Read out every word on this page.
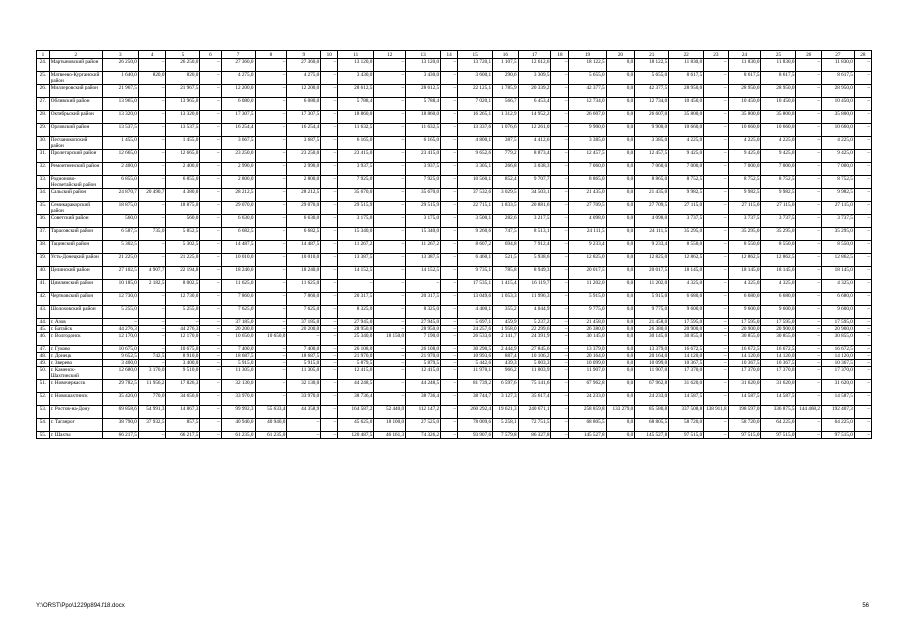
1	2	3	4	5	6	7	8	9	10	11	12	13	14	15	16	17	18	19	20	21	22	23	24	25	26	27	28
24.	Мартыновский район	26 250,0	–	26 250,0	–	27 360,0	–	27 360,0	–	13 120,0	–	13 120,0	–	13 720,1	1 107,5	12 612,6	–	18 122,5	0,0	18 122,5	11 830,0	–	11 830,0	11 830,0	–	11 830,0	–
25.	Матвеево-Курганский район	1 640,0	820,0	820,0	–	4 275,0	–	4 275,0	–	3 430,0	–	3 430,0	–	3 600,1	290,6	3 309,5	–	5 655,0	0,0	5 655,0	8 617,5	–	8 617,5	8 617,5	–	8 617,5	–
26.	Миллеровский район	21 967,5	–	21 967,5	–	12 200,0	–	12 200,0	–	28 612,5	–	28 612,5	–	22 125,1	1 785,9	20 339,2	–	42 377,5	0,0	42 377,5	28 950,0	–	28 950,0	28 950,0	–	28 950,0	–
27.	Обливский район	13 965,0	–	13 965,0	–	6 080,0	–	6 080,0	–	5 788,4	–	5 788,4	–	7 020,1	566,7	6 453,4	–	12 734,0	0,0	12 734,0	10 450,0	–	10 450,0	10 450,0	–	10 450,0	–
28.	Октябрьский район	13 320,0	–	13 320,0	–	17 307,5	–	17 307,5	–	18 860,0	–	18 860,0	–	16 265,1	1 312,9	14 952,2	–	26 607,0	0,0	26 607,0	35 800,0	–	35 800,0	35 800,0	–	35 800,0	–
29.	Орловский район	13 537,5	–	13 537,5	–	16 254,4	–	16 254,4	–	11 632,5	–	11 632,5	–	13 337,6	1 076,6	12 261,0	–	9 900,0	0,0	9 900,0	10 660,0	–	10 660,0	10 660,0	–	10 660,0	–
30.	Песчанокопский район	1 455,0	–	1 455,0	–	3 667,5	–	3 687,5	–	6 165,0	–	6 165,0	–	4 800,1	387,5	4 412,6	–	3 385,0	0,0	3 385,0	4 225,0	–	4 225,0	4 225,0	–	4 225,0	–
31.	Пролетарский район	12 665,0	–	12 665,0	–	23 250,0	–	23 250,0	–	23 415,0	–	23 415,0	–	9 652,6	779,2	8 873,4	–	12 457,5	0,0	12 457,5	9 425,0	–	9 425,0	9 425,0	–	9 425,0	–
32.	Ремонтненский район	2 400,0	–	2 400,0	–	2 990,0	–	2 990,0	–	3 937,5	–	3 937,5	–	3 305,1	266,8	3 038,3	–	7 060,0	0,0	7 060,0	7 000,0	–	7 000,0	7 000,0	–	7 000,0	–
33.	Родионово-Несветайский район	6 855,0	–	6 855,0	–	2 800,0	–	2 800,0	–	7 925,0	–	7 925,0	–	10 560,1	852,4	9 707,7	–	8 865,0	0,0	8 865,0	8 752,5	–	8 752,5	8 752,5	–	8 752,5	–
34.	Сальский район	24 870,7	20 490,7	4 380,0	–	28 212,5	–	28 212,5	–	35 670,0	–	35 670,0	–	37 532,6	3 029,5	34 503,1	–	21 435,0	0,0	21 435,0	9 982,5	–	9 982,5	9 982,5	–	9 982,5	–
35.	Семикаракорский район	18 875,0	–	18 875,0	–	29 070,0	–	29 070,0	–	29 515,9	–	29 515,9	–	22 715,1	1 833,5	20 881,6	–	27 709,5	0,0	27 709,5	27 115,0	–	27 115,0	27 115,0	–	27 115,0	–
36.	Советский район	560,0	–	560,0	–	6 630,0	–	6 630,0	–	3 175,0	–	3 175,0	–	3 500,1	282,6	3 217,5	–	4 098,0	0,0	4 098,0	3 737,5	–	3 737,5	3 737,5	–	3 737,5	–
37.	Тарасовский район	6 587,5	735,0	5 852,5	–	6 682,5	–	6 682,5	–	15 340,0	–	15 340,0	–	9 260,6	747,5	8 513,1	–	24 111,5	0,0	24 111,5	35 295,0	–	35 295,0	35 295,0	–	35 295,0	–
38.	Тацинский район	5 302,5	–	5 302,5	–	14 487,5	–	14 487,5	–	11 267,2	–	11 267,2	–	8 607,2	694,8	7 912,4	–	9 233,4	0,0	9 233,4	8 550,0	–	8 550,0	8 550,0	–	8 550,0	–
39.	Усть-Донецкий район	21 225,0	–	21 225,0	–	10 010,0	–	10 010,0	–	13 387,5	–	13 387,5	–	6 460,1	521,5	5 938,6	–	12 825,0	0,0	12 825,0	12 862,5	–	12 862,5	12 862,5	–	12 862,5	–
40.	Целинский район	27 102,5	4 907,7	22 194,8	–	18 240,0	–	18 240,0	–	14 152,5	–	14 152,5	–	9 735,1	785,8	8 949,3	–	20 017,5	0,0	20 017,5	18 145,0	–	18 145,0	18 145,0	–	18 145,0	–
41.	Цимлянский район	10 185,0	2 182,5	8 002,5	–	11 625,0	–	11 625,0	–	–	–	–	–	17 535,1	1 415,4	16 119,7	–	11 202,0	0,0	11 202,0	4 325,0	–	4 325,0	4 325,0	–	4 325,0	–
42.	Чертковский район	12 730,0	–	12 730,0	–	7 860,0	–	7 860,0	–	20 317,5	–	20 317,5	–	13 049,6	1 053,3	11 996,3	–	5 915,0	0,0	5 915,0	6 680,0	–	6 680,0	6 680,0	–	6 680,0	–
43.	Шолоховский район	5 255,0	–	5 255,0	–	7 625,0	–	7 625,0	–	8 325,0	–	8 325,0	–	4 400,1	355,2	4 044,9	–	9 775,0	0,0	9 775,0	9 600,0	–	9 600,0	9 600,0	–	9 600,0	–
44.	г. Азов	–	–	–	–	37 185,0	–	37 185,0	–	27 945,0	–	27 945,0	–	5 697,1	459,9	5 237,2	–	21 458,0	0,0	21 458,0	17 595,0	–	17 595,0	17 595,0	–	17 595,0	–
45.	г. Батайск	44 276,3	–	44 276,3	–	20 200,0	–	20 200,0	–	28 950,0	–	28 950,0	–	24 257,6	1 958,0	22 299,6	–	26 380,0	0,0	26 380,0	20 900,0	–	20 900,0	20 900,0	–	20 900,0	–
46.	г. Волгодонск	12 170,0	–	12 170,0	–	10 650,0	10 650,0	–	–	25 340,0	18 150,0	7 190,0	–	26 533,6	2 141,7	24 391,9	–	30 145,0	0,0	30 145,0	30 855,0	–	30 855,0	30 855,0	–	30 855,0	–
47.	г. Гуково	10 675,0	–	10 675,0	–	7 400,0	–	7 400,0	–	26 108,0	–	26 108,0	–	30 290,5	2 444,9	27 845,6	–	13 379,0	0,0	13 379,0	16 672,5	–	16 672,5	16 672,5	–	16 672,5	–
48.	г. Донецк	9 652,5	742,5	8 910,0	–	18 687,5	–	18 687,5	–	21 970,0	–	21 970,0	–	10 993,6	887,4	10 106,2	–	20 164,0	0,0	20 164,0	14 120,0	–	14 120,0	14 120,0	–	14 120,0	–
49.	г. Зверево	3 400,0	–	3 400,0	–	5 915,0	–	5 915,0	–	5 879,5	–	5 879,5	–	5 442,6	439,3	5 003,3	–	10 099,0	0,0	10 099,0	10 367,5	–	10 367,5	10 367,5	–	10 367,5	–
50.	г. Каменск-Шахтинский	12 680,0	3 170,0	9 510,0	–	11 305,0	–	11 305,0	–	12 415,0	–	12 415,0	–	11 970,1	966,2	11 003,9	–	11 907,0	0,0	11 907,0	17 370,0	–	17 370,0	17 370,0	–	17 370,0	–
51.	г. Новочеркасск	29 782,5	11 956,2	17 826,3	–	32 130,0	–	32 130,0	–	44 248,5	–	44 248,5	–	81 739,2	6 597,6	75 141,6	–	67 962,8	0,0	67 962,8	31 620,0	–	31 620,0	31 620,0	–	31 620,0	–
52.	г. Новошахтинск	35 420,0	770,0	34 650,0	–	33 970,0	–	33 970,0	–	38 736,4	–	38 736,4	–	38 744,7	3 127,3	35 617,4	–	24 233,0	0,0	24 233,0	14 587,5	–	14 587,5	14 587,5	–	14 587,5	–
53.	г. Ростов-на-Дону	69 858,6	54 991,3	14 867,3	–	99 992,3	55 633,4	44 358,9	–	164 587,2	52 440,0	112 147,2	–	260 292,4	19 621,3	240 671,1	–	258 859,8	133 279,0	85 580,8	337 508,8	138 911,8	198 597,0	336 875,5	144 468,2	192 407,3	–
54.	г. Таганрог	38 790,0	37 932,5	857,5	–	40 940,0	40 940,0	–	–	45 625,0	18 100,0	27 525,0	–	78 009,6	5 258,1	72 751,5	–	68 805,5	0,0	68 805,5	58 720,0	–	58 720,0	64 225,0	–	64 225,0	–
55.	г. Шахты	66 217,5	–	66 217,5	–	61 235,0	61 235,0	–	–	120 487,5	46 161,3	74 326,2	–	93 907,6	7 579,8	86 327,8	–	145 527,8	0,0	145 527,8	97 515,0	–	97 515,0	97 515,0	–	97 515,0	–
Y:\ORST\Ppo\1229p894.f18.docx	56
